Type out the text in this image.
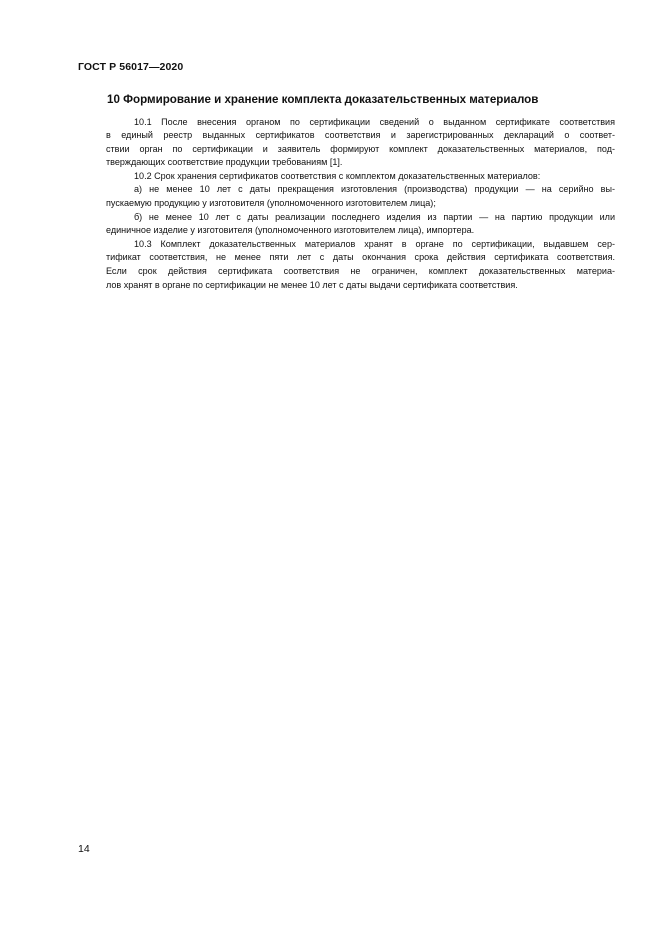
ГОСТ Р 56017—2020
10 Формирование и хранение комплекта доказательственных материалов
10.1 После внесения органом по сертификации сведений о выданном сертификате соответствия
в единый реестр выданных сертификатов соответствия и зарегистрированных деклараций о соответ-
ствии орган по сертификации и заявитель формируют комплект доказательственных материалов, под-
тверждающих соответствие продукции требованиям [1].
10.2 Срок хранения сертификатов соответствия с комплектом доказательственных материалов:
а) не менее 10 лет с даты прекращения изготовления (производства) продукции — на серийно вы-
пускаемую продукцию у изготовителя (уполномоченного изготовителем лица);
б) не менее 10 лет с даты реализации последнего изделия из партии — на партию продукции или
единичное изделие у изготовителя (уполномоченного изготовителем лица), импортера.
10.3 Комплект доказательственных материалов хранят в органе по сертификации, выдавшем сер-
тификат соответствия, не менее пяти лет с даты окончания срока действия сертификата соответствия.
Если срок действия сертификата соответствия не ограничен, комплект доказательственных материа-
лов хранят в органе по сертификации не менее 10 лет с даты выдачи сертификата соответствия.
14
